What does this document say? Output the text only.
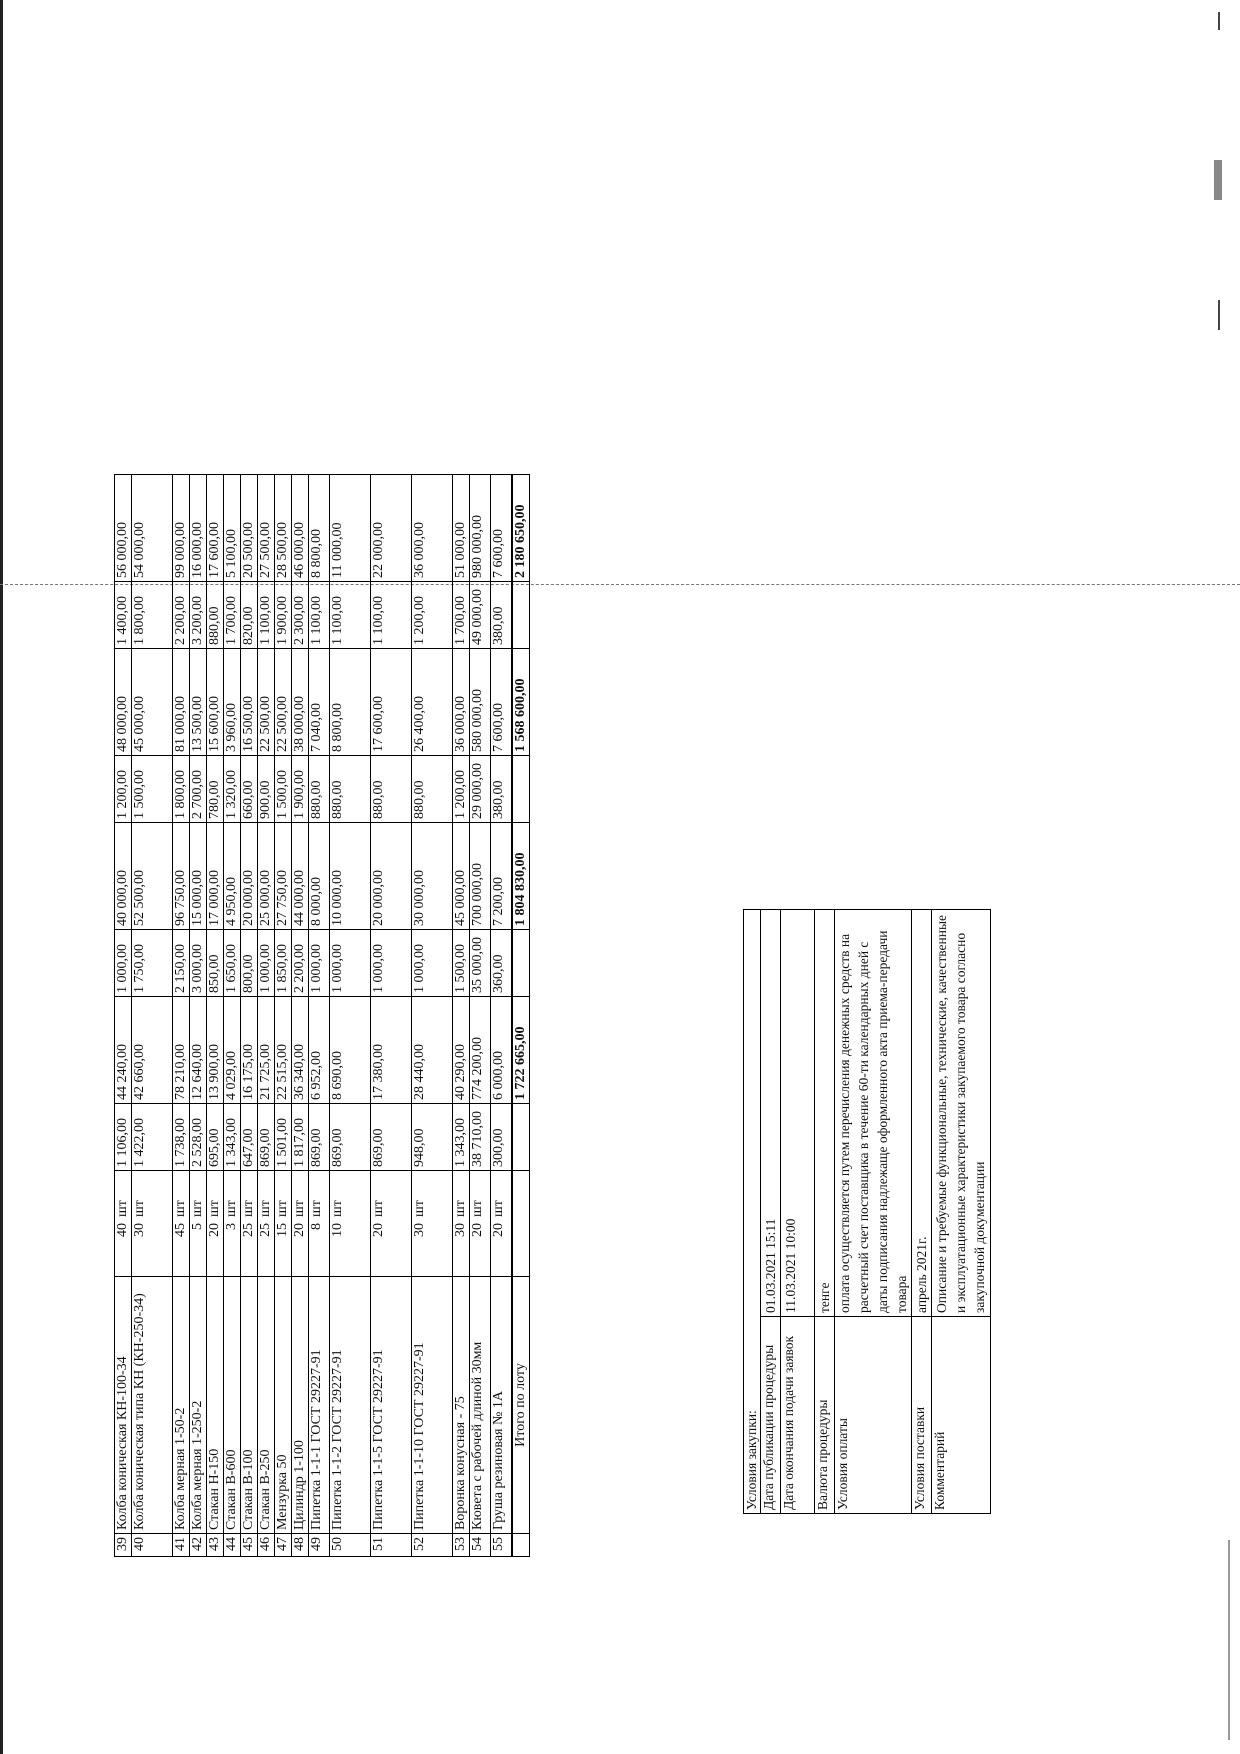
39	Колба коническая КН-100-34	40	шт	1 106,00	44 240,00	1 000,00	40 000,00	1 200,00	48 000,00	1 400,00	56 000,00
40	Колба коническая типа КН (КН-250-34)	30	шт	1 422,00	42 660,00	1 750,00	52 500,00	1 500,00	45 000,00	1 800,00	54 000,00
41	Колба мерная 1-50-2	45	шт	1 738,00	78 210,00	2 150,00	96 750,00	1 800,00	81 000,00	2 200,00	99 000,00
42	Колба мерная 1-250-2	5	шт	2 528,00	12 640,00	3 000,00	15 000,00	2 700,00	13 500,00	3 200,00	16 000,00
43	Стакан Н-150	20	шт	695,00	13 900,00	850,00	17 000,00	780,00	15 600,00	880,00	17 600,00
44	Стакан В-600	3	шт	1 343,00	4 029,00	1 650,00	4 950,00	1 320,00	3 960,00	1 700,00	5 100,00
45	Стакан В-100	25	шт	647,00	16 175,00	800,00	20 000,00	660,00	16 500,00	820,00	20 500,00
46	Стакан В-250	25	шт	869,00	21 725,00	1 000,00	25 000,00	900,00	22 500,00	1 100,00	27 500,00
47	Мензурка 50	15	шт	1 501,00	22 515,00	1 850,00	27 750,00	1 500,00	22 500,00	1 900,00	28 500,00
48	Цилиндр 1-100	20	шт	1 817,00	36 340,00	2 200,00	44 000,00	1 900,00	38 000,00	2 300,00	46 000,00
49	Пипетка 1-1-1 ГОСТ 29227-91	8	шт	869,00	6 952,00	1 000,00	8 000,00	880,00	7 040,00	1 100,00	8 800,00
50	Пипетка 1-1-2 ГОСТ 29227-91	10	шт	869,00	8 690,00	1 000,00	10 000,00	880,00	8 800,00	1 100,00	11 000,00
51	Пипетка 1-1-5 ГОСТ 29227-91	20	шт	869,00	17 380,00	1 000,00	20 000,00	880,00	17 600,00	1 100,00	22 000,00
52	Пипетка 1-1-10 ГОСТ 29227-91	30	шт	948,00	28 440,00	1 000,00	30 000,00	880,00	26 400,00	1 200,00	36 000,00
53	Воронка конусная - 75	30	шт	1 343,00	40 290,00	1 500,00	45 000,00	1 200,00	36 000,00	1 700,00	51 000,00
54	Кювета с рабочей длиной 30мм	20	шт	38 710,00	774 200,00	35 000,00	700 000,00	29 000,00	580 000,00	49 000,00	980 000,00
55	Груша резиновая № 1А	20	шт	300,00	6 000,00	360,00	7 200,00	380,00	7 600,00	380,00	7 600,00
	Итого по лоту				1 722 665,00		1 804 830,00		1 568 600,00		2 180 650,00
Условия закупки:	
Дата публикации процедуры	01.03.2021 15:11
Дата окончания подачи заявок	11.03.2021 10:00
Валюта процедуры	тенге
Условия оплаты	оплата осуществляется путем перечисления денежных средств на расчетный счет поставщика в течение 60-ти календарных дней с даты подписания надлежаще оформленного акта приема-передачи товара
Условия поставки	апрель 2021г.
Комментарий	Описание и требуемые функциональные, технические, качественные и эксплуатационные характеристики закупаемого товара согласно закупочной документации
